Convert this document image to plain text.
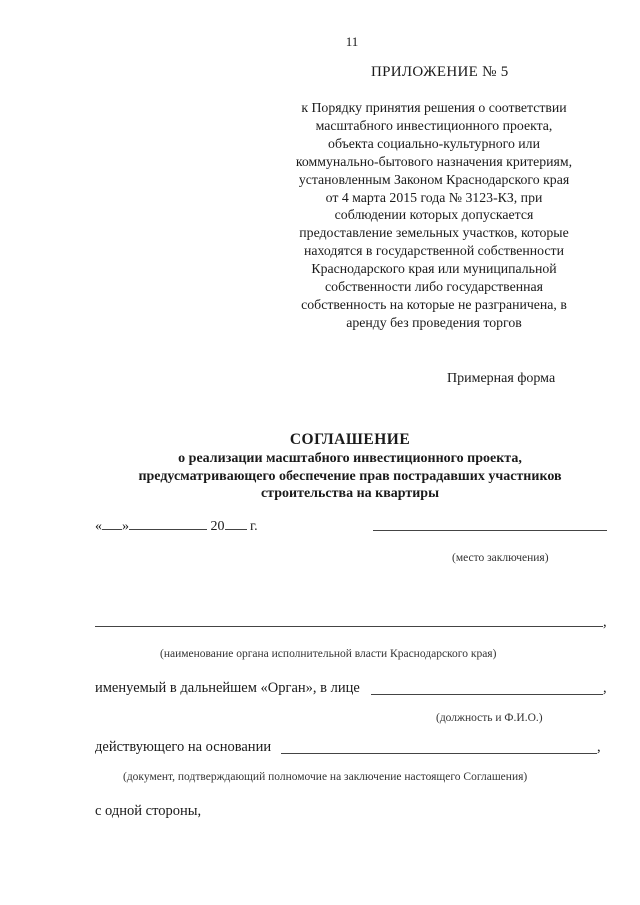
11
ПРИЛОЖЕНИЕ № 5
к Порядку принятия решения о соответствии
масштабного инвестиционного проекта,
объекта социально-культурного или
коммунально-бытового назначения критериям,
установленным Законом Краснодарского края
от 4 марта 2015 года № 3123-КЗ, при
соблюдении которых допускается
предоставление земельных участков, которые
находятся в государственной собственности
Краснодарского края или муниципальной
собственности либо государственная
собственность на которые не разграничена, в
аренду без проведения торгов
Примерная форма
СОГЛАШЕНИЕ
о реализации масштабного инвестиционного проекта,
предусматривающего обеспечение прав пострадавших участников
строительства на квартиры
« »	20 г.
(место заключения)
,
(наименование органа исполнительной власти Краснодарского края)
именуемый в дальнейшем «Орган», в лице	,
(должность и Ф.И.О.)
действующего на основании	,
(документ, подтверждающий полномочие на заключение настоящего Соглашения)
с одной стороны,
